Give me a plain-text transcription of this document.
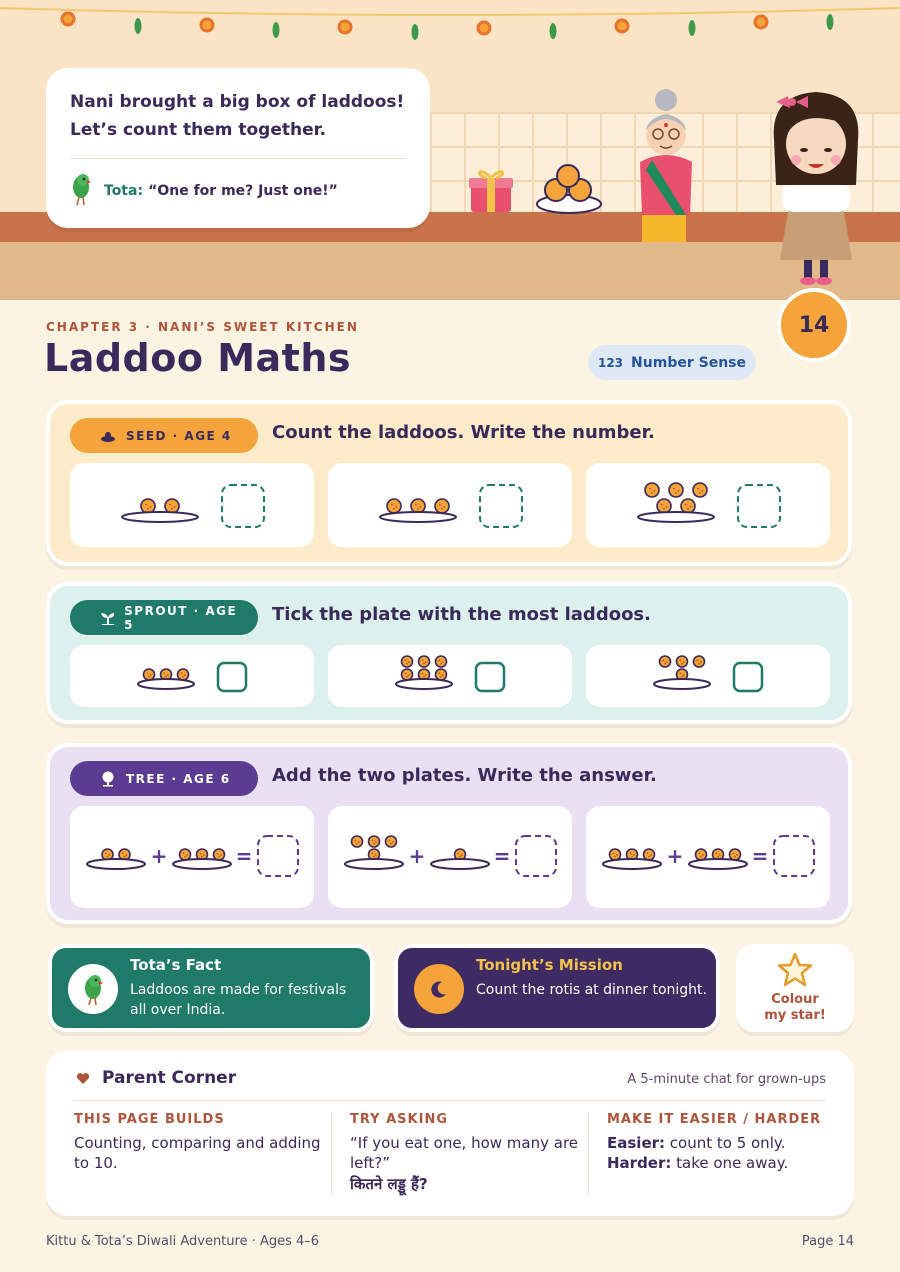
Nani brought a big box of laddoos!
Let’s count them together.
Tota: “One for me? Just one!”
14
CHAPTER 3 · NANI’S SWEET KITCHEN
Laddoo Maths	123 Number Sense
SEED · AGE 4 Count the laddoos. Write the number.
SPROUT · AGE 5	Tick the plate with the most laddoos.
TREE · AGE 6 Add the two plates. Write the answer.
+	=	+	=	+	=
Tota’s Fact
Laddoos are made for festivals all over India.
Tonight’s Mission
Count the rotis at dinner tonight.
Colour
my star!
Parent Corner	A 5-minute chat for grown-ups
THIS PAGE BUILDS
Counting, comparing and adding to 10.
TRY ASKING
“If you eat one, how many are left?”
कितने लड्डू हैं?
MAKE IT EASIER / HARDER
Easier: count to 5 only.
Harder: take one away.
Kittu & Tota’s Diwali Adventure · Ages 4–6	Page 14
